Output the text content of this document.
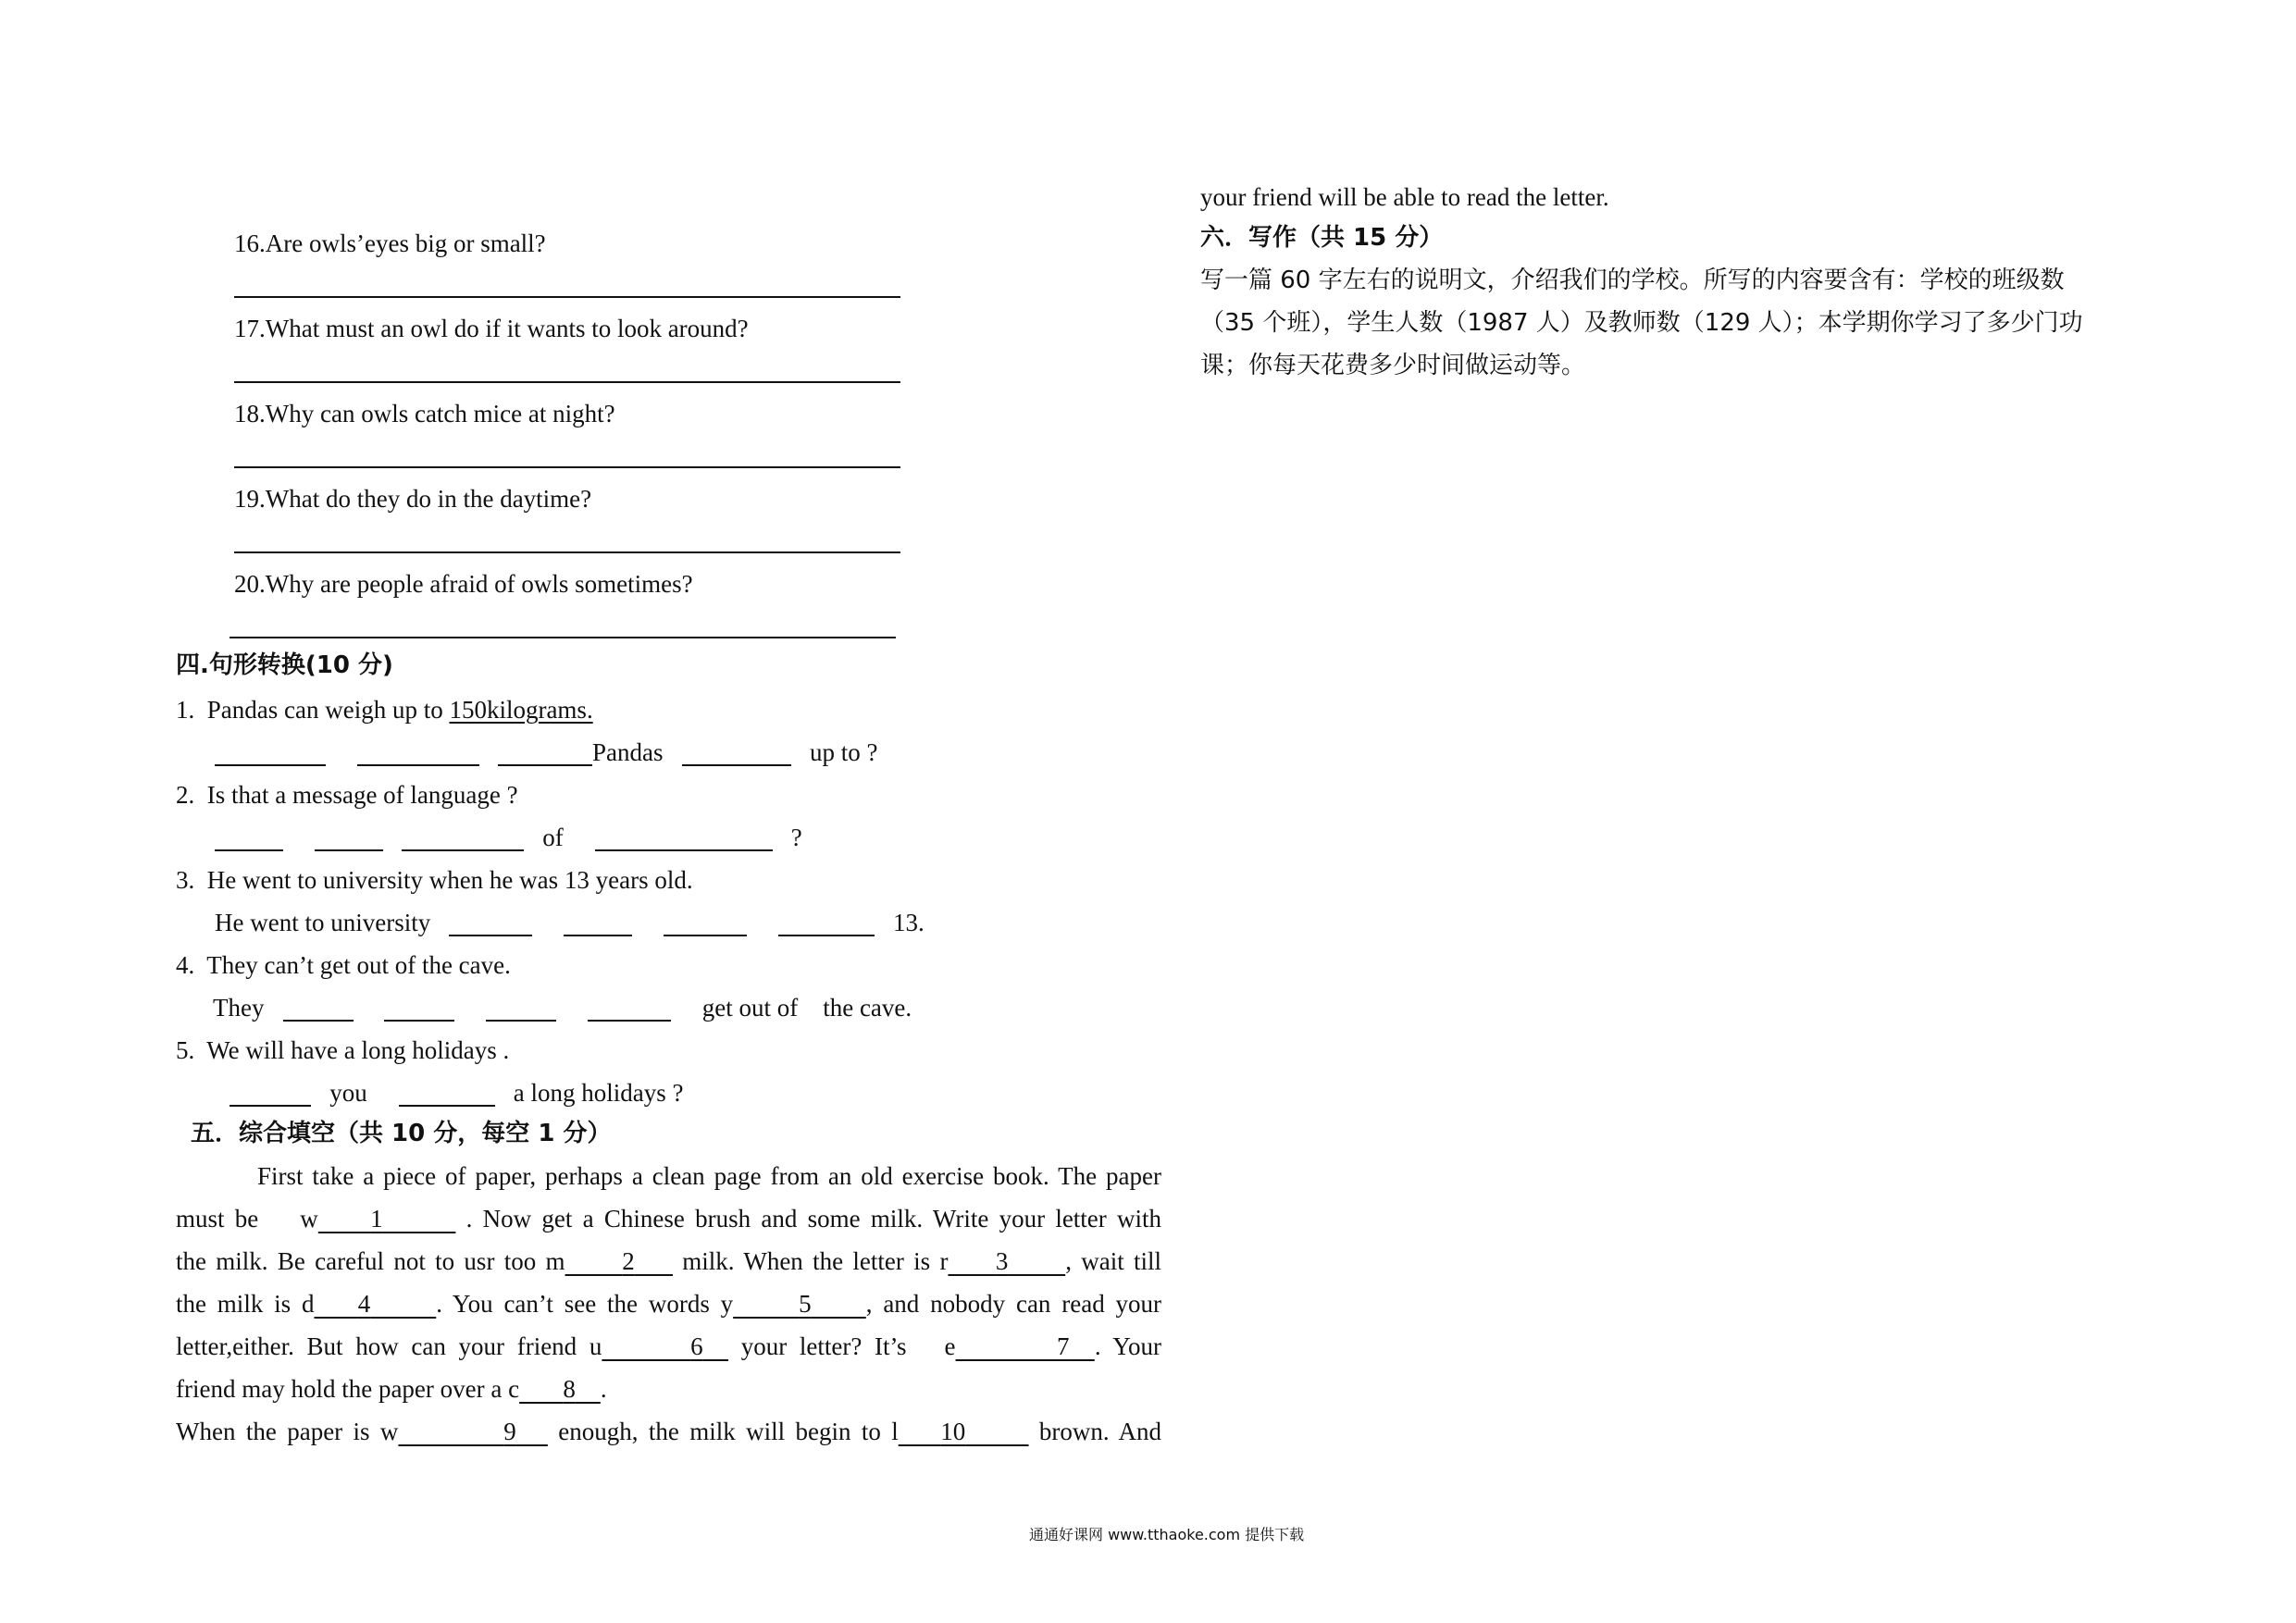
16.Are owls’eyes big or small?
17.What must an owl do if it wants to look around?
18.Why can owls catch mice at night?
19.What do they do in the daytime?
20.Why are people afraid of owls sometimes?
四.句形转换(10 分)
1. Pandas can weigh up to 150kilograms.
Pandas	up to ?
2. Is that a message of language ?
of	?
3. He went to university when he was 13 years old.
He went to university	13.
4. They can’t get out of the cave.
They	get out of    the cave.
5. We will have a long holidays .
you	a long holidays ?
五．综合填空（共 10 分，每空 1 分）
First take a piece of paper, perhaps a clean page from an old exercise book. The paper
must be w 1	. Now get a Chinese brush and some milk. Write your letter with
the milk. Be careful not to usr too m 2 milk. When the letter is r 3 , wait till
the milk is d 4	. You can’t see the words y	5 , and nobody can read your
letter,either. But how can your friend u	6 your letter? It’s e	7 . Your
friend may hold the paper over a c 8 .
When the paper is w	9 enough, the milk will begin to l 10	brown. And
your friend will be able to read the letter.
六．写作（共 15 分）
写一篇 60 字左右的说明文，介绍我们的学校。所写的内容要含有：学校的班级数
（35 个班），学生人数（1987 人）及教师数（129 人）；本学期你学习了多少门功
课；你每天花费多少时间做运动等。
通通好课网 www.tthaoke.com 提供下载
